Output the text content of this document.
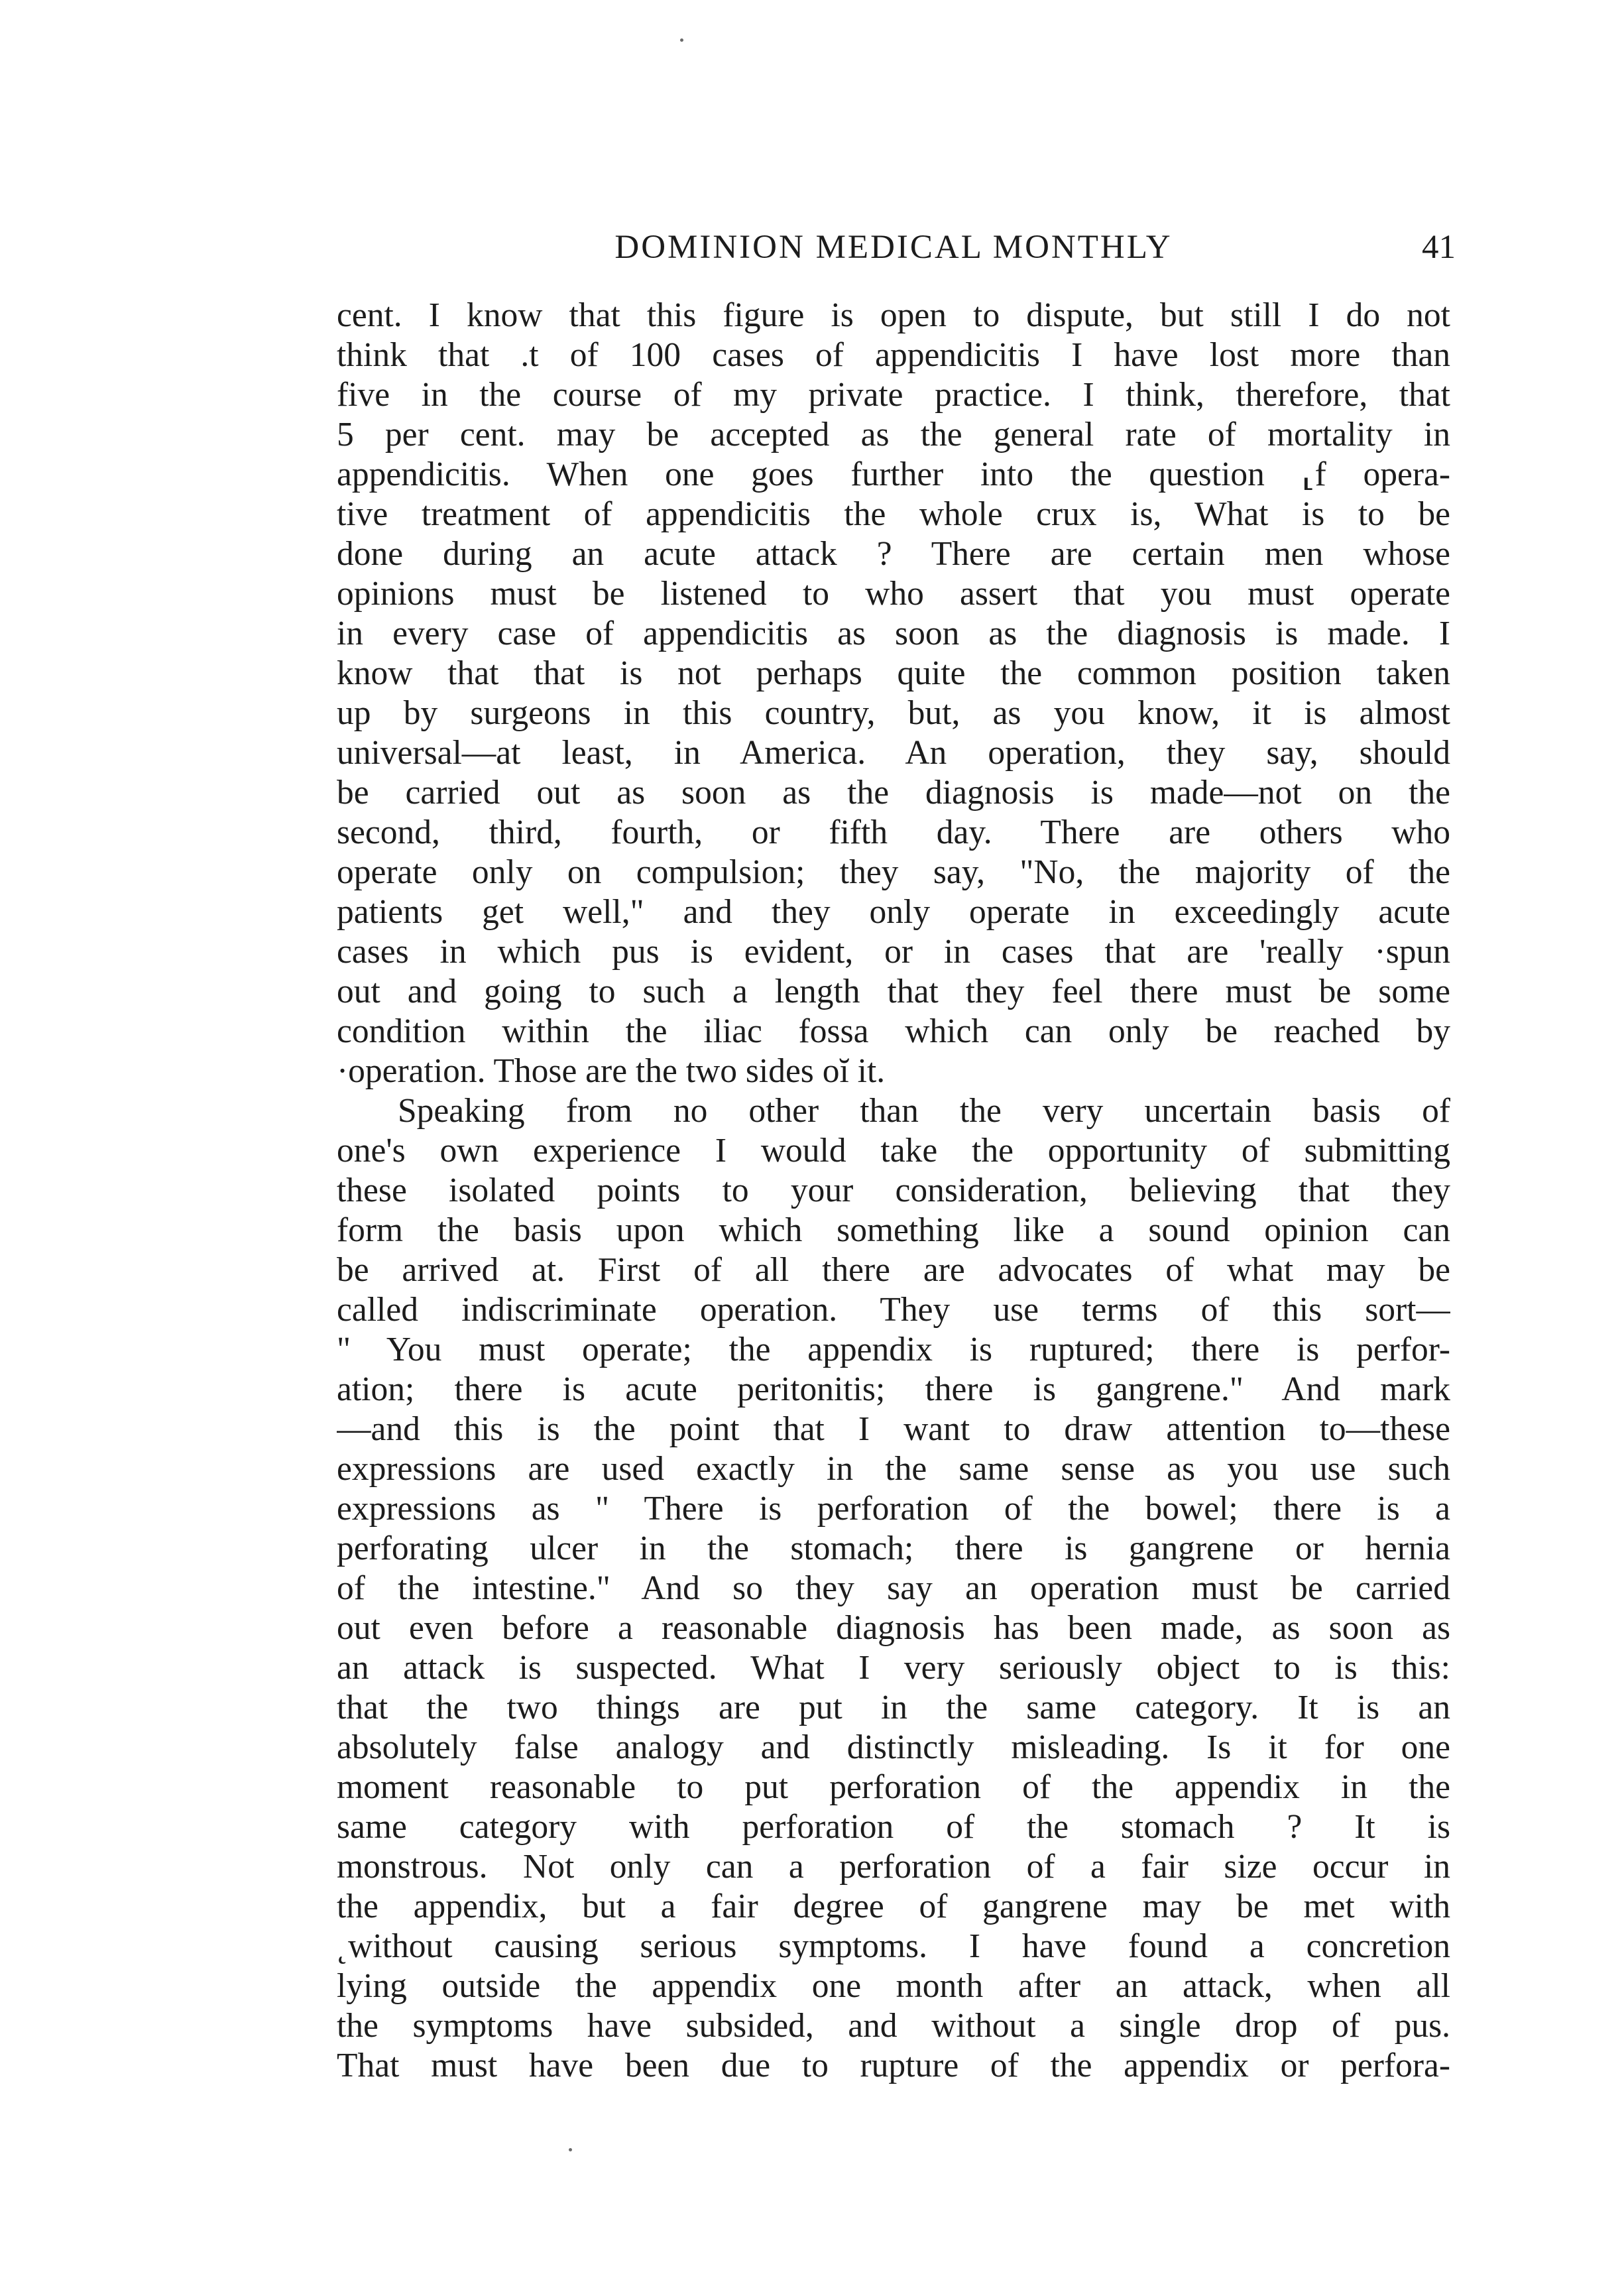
DOMINION MEDICAL MONTHLY	41
cent. I know that this figure is open to dispute, but still I do not
think that .t of 100 cases of appendicitis I have lost more than
five in the course of my private practice. I think, therefore, that
5 per cent. may be accepted as the general rate of mortality in
appendicitis. When one goes further into the question ⸤f opera-
tive treatment of appendicitis the whole crux is, What is to be
done during an acute attack ? There are certain men whose
opinions must be listened to who assert that you must operate
in every case of appendicitis as soon as the diagnosis is made. I
know that that is not perhaps quite the common position taken
up by surgeons in this country, but, as you know, it is almost
universal—at least, in America. An operation, they say, should
be carried out as soon as the diagnosis is made—not on the
second, third, fourth, or fifth day. There are others who
operate only on compulsion; they say, "No, the majority of the
patients get well," and they only operate in exceedingly acute
cases in which pus is evident, or in cases that are 'really ·spun
out and going to such a length that they feel there must be some
condition within the iliac fossa which can only be reached by
·operation. Those are the two sides oĭ it.
Speaking from no other than the very uncertain basis of
one's own experience I would take the opportunity of submitting
these isolated points to your consideration, believing that they
form the basis upon which something like a sound opinion can
be arrived at. First of all there are advocates of what may be
called indiscriminate operation. They use terms of this sort—
" You must operate; the appendix is ruptured; there is perfor-
ation; there is acute peritonitis; there is gangrene." And mark
—and this is the point that I want to draw attention to—these
expressions are used exactly in the same sense as you use such
expressions as " There is perforation of the bowel; there is a
perforating ulcer in the stomach; there is gangrene or hernia
of the intestine." And so they say an operation must be carried
out even before a reasonable diagnosis has been made, as soon as
an attack is suspected. What I very seriously object to is this:
that the two things are put in the same category. It is an
absolutely false analogy and distinctly misleading. Is it for one
moment reasonable to put perforation of the appendix in the
same category with perforation of the stomach ? It is
monstrous. Not only can a perforation of a fair size occur in
the appendix, but a fair degree of gangrene may be met with
˛without causing serious symptoms. I have found a concretion
lying outside the appendix one month after an attack, when all
the symptoms have subsided, and without a single drop of pus.
That must have been due to rupture of the appendix or perfora-
